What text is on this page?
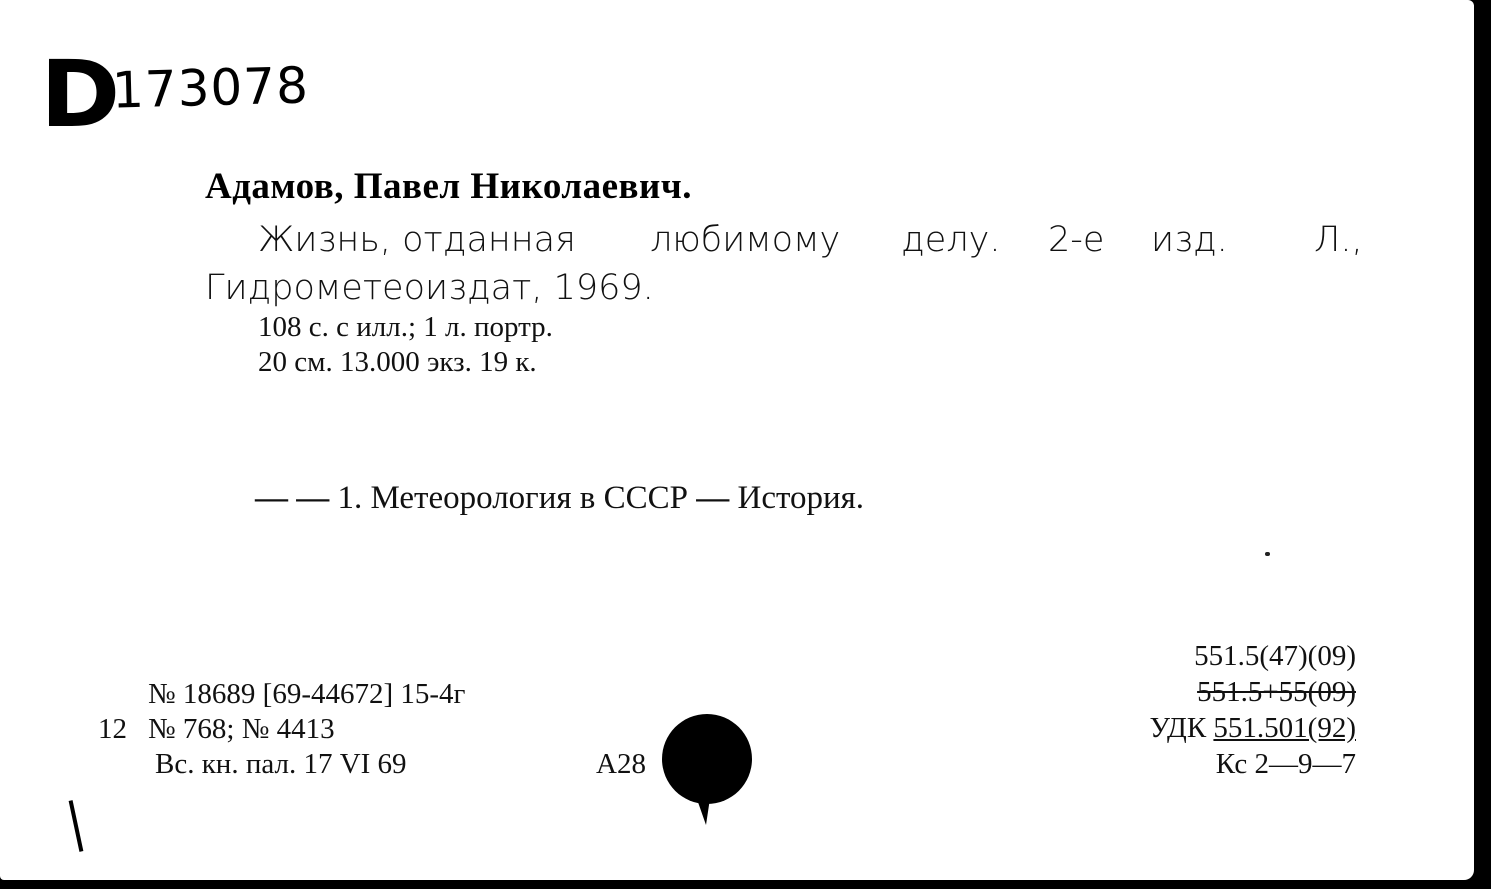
D
173078
Адамов, Павел Николаевич.
Жизнь, отданная любимому делу. 2-е изд. Л.,
Гидрометеоиздат, 1969.
108 с. с илл.; 1 л. портр.
20 см. 13.000 экз. 19 к.
— — 1. Метеорология в СССР — История.
№ 18689 [69-44672] 15-4г
12 № 768; № 4413
Вс. кн. пал. 17 VI 69	A28
551.5(47)(09)
551.5+55(09)
УДК 551.501(92)
Кс 2—9—7
